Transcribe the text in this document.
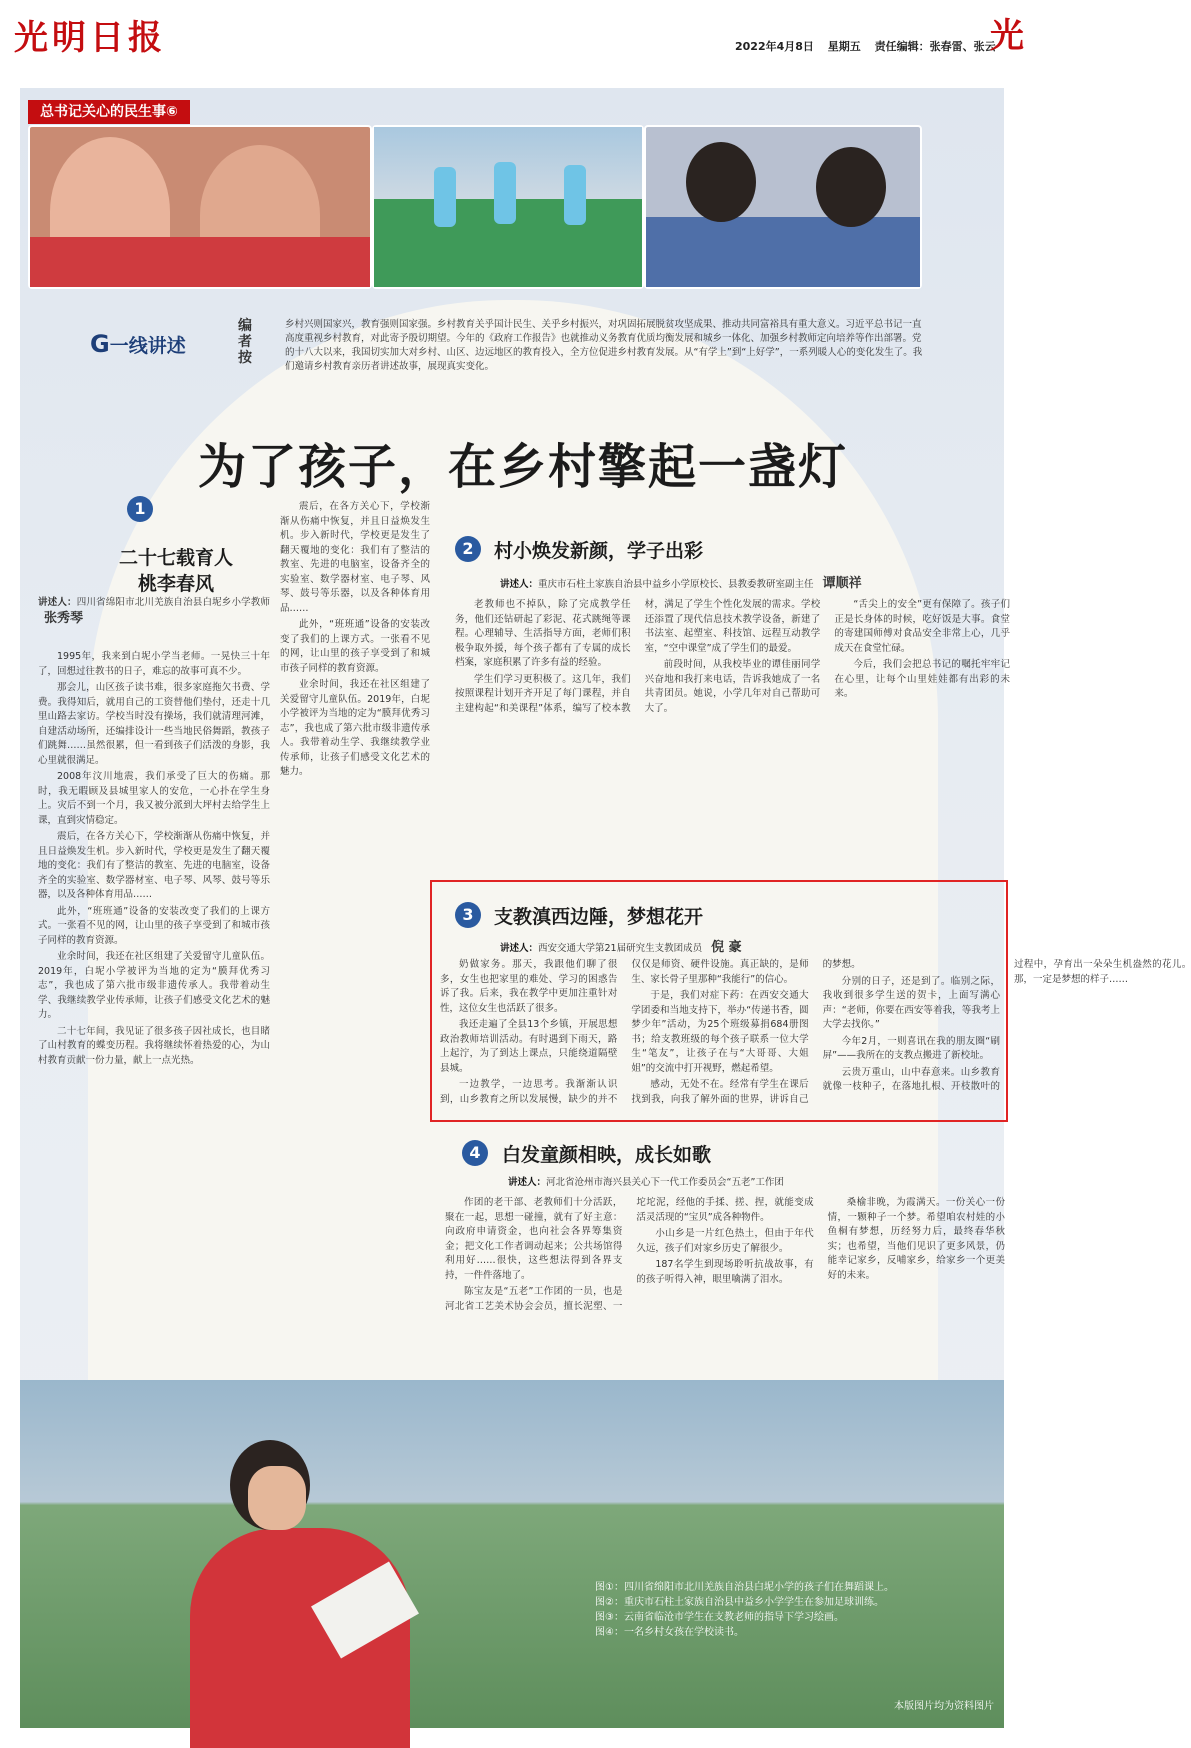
光明日报	2022年4月8日 星期五 责任编辑：张春雷、张云
光
总书记关心的民生事⑥
G一线讲述
编者按
乡村兴则国家兴，教育强则国家强。乡村教育关乎国计民生、关乎乡村振兴，对巩固拓展脱贫攻坚成果、推动共同富裕具有重大意义。习近平总书记一直高度重视乡村教育，对此寄予殷切期望。今年的《政府工作报告》也就推动义务教育优质均衡发展和城乡一体化、加强乡村教师定向培养等作出部署。党的十八大以来，我国切实加大对乡村、山区、边远地区的教育投入，全方位促进乡村教育发展。从“有学上”到“上好学”，一系列暖人心的变化发生了。我们邀请乡村教育亲历者讲述故事，展现真实变化。
为了孩子，在乡村擎起一盏灯
1
二十七载育人
桃李春风
讲述人：四川省绵阳市北川羌族自治县白坭乡小学教师 张秀琴

1995年，我来到白坭小学当老师。一晃快三十年了，回想过往教书的日子，难忘的故事可真不少。

那会儿，山区孩子读书难，很多家庭拖欠书费、学费。我得知后，就用自己的工资替他们垫付，还走十几里山路去家访。学校当时没有操场，我们就清理河滩，自建活动场所，还编排设计一些当地民俗舞蹈，教孩子们跳舞……虽然很累，但一看到孩子们活泼的身影，我心里就很满足。

2008年汶川地震，我们承受了巨大的伤痛。那时，我无暇顾及县城里家人的安危，一心扑在学生身上。灾后不到一个月，我又被分派到大坪村去给学生上课，直到灾情稳定。

震后，在各方关心下，学校渐渐从伤痛中恢复，并且日益焕发生机。步入新时代，学校更是发生了翻天覆地的变化：我们有了整洁的教室、先进的电脑室，设备齐全的实验室、数学器材室、电子琴、风琴、鼓号等乐器，以及各种体育用品……

此外，“班班通”设备的安装改变了我们的上课方式。一张看不见的网，让山里的孩子享受到了和城市孩子同样的教育资源。

业余时间，我还在社区组建了关爱留守儿童队伍。2019年，白坭小学被评为当地的定为“膜拜优秀习志”，我也成了第六批市级非遗传承人。我带着动生学、我继续教学业传承师，让孩子们感受文化艺术的魅力。

二十七年间，我见证了很多孩子因社成长，也目睹了山村教育的蝶变历程。我将继续怀着热爱的心，为山村教育贡献一份力量，献上一点光热。

2	村小焕发新颜，学子出彩
讲述人：重庆市石柱土家族自治县中益乡小学原校长、县教委教研室副主任 谭顺祥

老教师也不掉队，除了完成教学任务，他们还钻研起了彩泥、花式跳绳等课程。心理辅导、生活指导方面，老师们积极争取外援，每个孩子都有了专属的成长档案，家庭积累了许多有益的经验。

学生们学习更积极了。这几年，我们按照课程计划开齐开足了每门课程，并自主建构起“和美课程”体系，编写了校本教材，满足了学生个性化发展的需求。学校还添置了现代信息技术教学设备，新建了书法室、起塑室、科技馆、远程互动教学室，“空中课堂”成了学生们的最爱。

前段时间，从我校毕业的谭佳丽同学兴奋地和我打来电话，告诉我她成了一名共青团员。她说，小学几年对自己帮助可大了。

“舌尖上的安全”更有保障了。孩子们正是长身体的时候，吃好饭是大事。食堂的寄建国师傅对食品安全非常上心，几乎成天在食堂忙碌。

今后，我们会把总书记的嘱托牢牢记在心里，让每个山里娃娃都有出彩的未来。

震后，在各方关心下，学校渐渐从伤痛中恢复，并且日益焕发生机。步入新时代，学校更是发生了翻天覆地的变化：我们有了整洁的教室、先进的电脑室，设备齐全的实验室、数学器材室、电子琴、风琴、鼓号等乐器，以及各种体育用品……

此外，“班班通”设备的安装改变了我们的上课方式。一张看不见的网，让山里的孩子享受到了和城市孩子同样的教育资源。

业余时间，我还在社区组建了关爱留守儿童队伍。2019年，白坭小学被评为当地的定为“膜拜优秀习志”，我也成了第六批市级非遗传承人。我带着动生学、我继续教学业传承师，让孩子们感受文化艺术的魅力。

3	支教滇西边陲，梦想花开
讲述人：西安交通大学第21届研究生支教团成员 倪 豪

奶做家务。那天，我跟他们聊了很多，女生也把家里的难处、学习的困惑告诉了我。后来，我在教学中更加注重针对性，这位女生也活跃了很多。

我还走遍了全县13个乡镇，开展思想政治教师培训活动。有时遇到下雨天，路上起泞，为了到达上课点，只能绕道隔壁县城。

一边教学，一边思考。我渐渐认识到，山乡教育之所以发展慢，缺少的并不仅仅是师资、硬件设施。真正缺的，是师生、家长骨子里那种“我能行”的信心。

于是，我们对症下药：在西安交通大学团委和当地支持下，举办“传递书香，圆梦少年”活动，为25个班级募捐684册图书；给支教班级的每个孩子联系一位大学生“笔友”，让孩子在与“大哥哥、大姐姐”的交流中打开视野，燃起希望。

感动，无处不在。经常有学生在课后找到我，向我了解外面的世界，讲诉自己的梦想。

分别的日子，还是到了。临别之际，我收到很多学生送的贺卡，上面写满心声：“老师，你要在西安等着我，等我考上大学去找你。”

今年2月，一则喜讯在我的朋友圈“刷屏”——我所在的支教点搬进了新校址。

云贵万重山，山中春意来。山乡教育就像一枝种子，在落地扎根、开枝散叶的过程中，孕育出一朵朵生机盎然的花儿。那，一定是梦想的样子……

4	白发童颜相映，成长如歌
讲述人：河北省沧州市海兴县关心下一代工作委员会“五老”工作团

作团的老干部、老教师们十分活跃，聚在一起，思想一碰撞，就有了好主意：向政府申请资金，也向社会各界筹集资金；把文化工作者调动起来；公共场馆得利用好……很快，这些想法得到各界支持，一件件落地了。

陈宝友是“五老”工作团的一员，也是河北省工艺美术协会会员，擅长泥塑、一坨坨泥，经他的手揉、搓、捏，就能变成活灵活现的“宝贝”成各种物件。

小山乡是一片红色热土，但由于年代久远，孩子们对家乡历史了解很少。

187名学生到现场聆听抗战故事，有的孩子听得入神，眼里噙满了泪水。

桑榆非晚，为霞满天。一份关心一份情，一颗种子一个梦。希望咱农村娃的小鱼桐有梦想，历经努力后，最终春华秋实；也希望，当他们见识了更多风景，仍能幸记家乡，反哺家乡，给家乡一个更美好的未来。

图①：四川省绵阳市北川羌族自治县白坭小学的孩子们在舞蹈课上。
图②：重庆市石柱土家族自治县中益乡小学学生在参加足球训练。
图③：云南省临沧市学生在支教老师的指导下学习绘画。
图④：一名乡村女孩在学校读书。
本版图片均为资料图片
